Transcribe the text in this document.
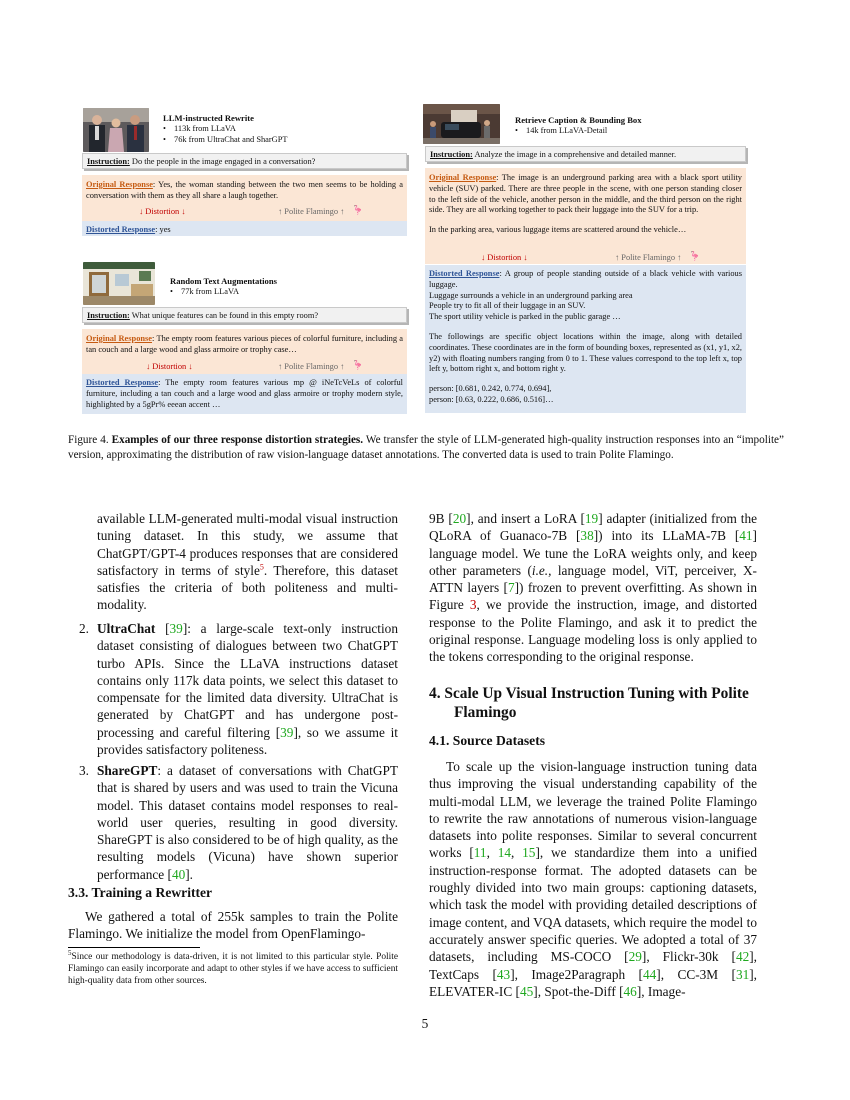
LLM-instructed Rewrite
• 113k from LLaVA
• 76k from UltraChat and SharGPT
Instruction: Do the people in the image engaged in a conversation?
Original Response: Yes, the woman standing between the two men seems to be holding a conversation with them as they all share a laugh together.
↓ Distortion ↓	↑ Polite Flamingo ↑ 🦩
Distorted Response: yes
Random Text Augmentations
• 77k from LLaVA
Instruction: What unique features can be found in this empty room?
Original Response: The empty room features various pieces of colorful furniture, including a tan couch and a large wood and glass armoire or trophy case…
↓ Distortion ↓	↑ Polite Flamingo ↑ 🦩
Distorted Response: The empty room features various mp @ iNeTcVeLs of colorful furniture, including a tan couch and a large wood and glass armoire or trophy modern style, highlighted by a 5gPr% eeean accent …
Retrieve Caption & Bounding Box
• 14k from LLaVA-Detail
Instruction: Analyze the image in a comprehensive and detailed manner.
Original Response: The image is an underground parking area with a black sport utility vehicle (SUV) parked. There are three people in the scene, with one person standing closer to the left side of the vehicle, another person in the middle, and the third person on the right side. They are all working together to pack their luggage into the SUV for a trip.
In the parking area, various luggage items are scattered around the vehicle…
↓ Distortion ↓	↑ Polite Flamingo ↑ 🦩
Distorted Response: A group of people standing outside of a black vehicle with various luggage.
Luggage surrounds a vehicle in an underground parking area
People try to fit all of their luggage in an SUV.
The sport utility vehicle is parked in the public garage …
The followings are specific object locations within the image, along with detailed coordinates. These coordinates are in the form of bounding boxes, represented as (x1, y1, x2, y2) with floating numbers ranging from 0 to 1. These values correspond to the top left x, top left y, bottom right x, and bottom right y.
person: [0.681, 0.242, 0.774, 0.694],
person: [0.63, 0.222, 0.686, 0.516]…
Figure 4. Examples of our three response distortion strategies. We transfer the style of LLM-generated high-quality instruction responses into an “impolite” version, approximating the distribution of raw vision-language dataset annotations. The converted data is used to train Polite Flamingo.
available LLM-generated multi-modal visual instruction tuning dataset. In this study, we assume that ChatGPT/GPT-4 produces responses that are considered satisfactory in terms of style$^5$. Therefore, this dataset satisfies the criteria of both politeness and multi-modality.
2. UltraChat [39]: a large-scale text-only instruction dataset consisting of dialogues between two ChatGPT turbo APIs. Since the LLaVA instructions dataset contains only 117k data points, we select this dataset to compensate for the limited data diversity. UltraChat is generated by ChatGPT and has undergone post-processing and careful filtering [39], so we assume it provides satisfactory politeness.
3. ShareGPT: a dataset of conversations with ChatGPT that is shared by users and was used to train the Vicuna model. This dataset contains model responses to real-world user queries, resulting in good diversity. ShareGPT is also considered to be of high quality, as the resulting models (Vicuna) have shown superior performance [40].
3.3. Training a Rewritter
We gathered a total of 255k samples to train the Polite Flamingo. We initialize the model from OpenFlamingo-
$^5$Since our methodology is data-driven, it is not limited to this particular style. Polite Flamingo can easily incorporate and adapt to other styles if we have access to sufficient high-quality data from other sources.
9B [20], and insert a LoRA [19] adapter (initialized from the QLoRA of Guanaco-7B [38]) into its LLaMA-7B [41] language model. We tune the LoRA weights only, and keep other parameters (i.e., language model, ViT, perceiver, X-ATTN layers [7]) frozen to prevent overfitting. As shown in Figure 3, we provide the instruction, image, and distorted response to the Polite Flamingo, and ask it to predict the original response. Language modeling loss is only applied to the tokens corresponding to the original response.
4. Scale Up Visual Instruction Tuning with Polite Flamingo
4.1. Source Datasets
To scale up the vision-language instruction tuning data thus improving the visual understanding capability of the multi-modal LLM, we leverage the trained Polite Flamingo to rewrite the raw annotations of numerous vision-language datasets into polite responses. Similar to several concurrent works [11, 14, 15], we standardize them into a unified instruction-response format. The adopted datasets can be roughly divided into two main groups: captioning datasets, which task the model with providing detailed descriptions of image content, and VQA datasets, which require the model to accurately answer specific queries. We adopted a total of 37 datasets, including MS-COCO [29], Flickr-30k [42], TextCaps [43], Image2Paragraph [44], CC-3M [31], ELEVATER-IC [45], Spot-the-Diff [46], Image-
5
